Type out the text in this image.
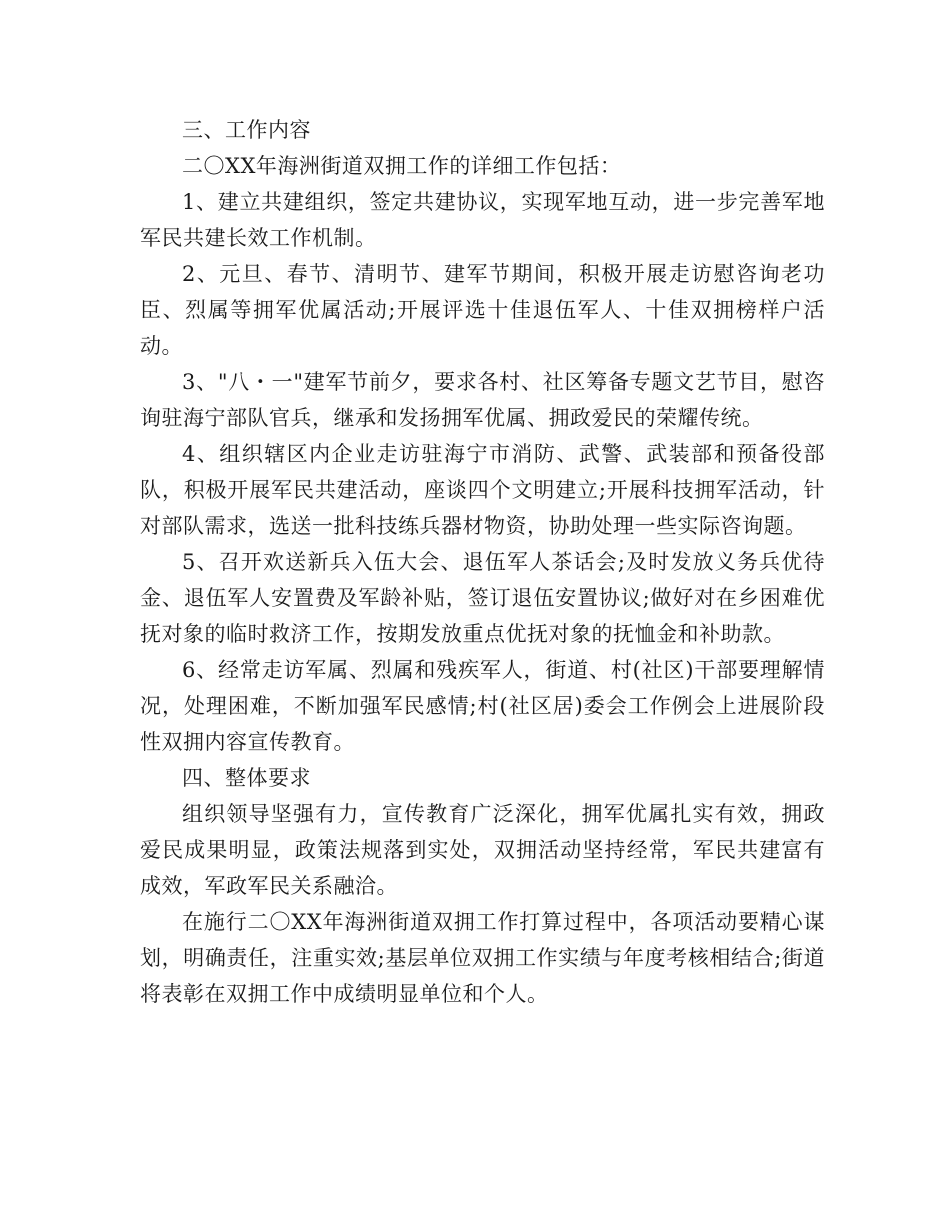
三、工作内容

二〇XX年海洲街道双拥工作的详细工作包括：

1、建立共建组织，签定共建协议，实现军地互动，进一步完善军地军民共建长效工作机制。

2、元旦、春节、清明节、建军节期间，积极开展走访慰咨询老功臣、烈属等拥军优属活动;开展评选十佳退伍军人、十佳双拥榜样户活动。

3、"八・一"建军节前夕，要求各村、社区筹备专题文艺节目，慰咨询驻海宁部队官兵，继承和发扬拥军优属、拥政爱民的荣耀传统。

4、组织辖区内企业走访驻海宁市消防、武警、武装部和预备役部队，积极开展军民共建活动，座谈四个文明建立;开展科技拥军活动，针对部队需求，选送一批科技练兵器材物资，协助处理一些实际咨询题。

5、召开欢送新兵入伍大会、退伍军人茶话会;及时发放义务兵优待金、退伍军人安置费及军龄补贴，签订退伍安置协议;做好对在乡困难优抚对象的临时救济工作，按期发放重点优抚对象的抚恤金和补助款。

6、经常走访军属、烈属和残疾军人，街道、村(社区)干部要理解情况，处理困难，不断加强军民感情;村(社区居)委会工作例会上进展阶段性双拥内容宣传教育。

四、整体要求

组织领导坚强有力，宣传教育广泛深化，拥军优属扎实有效，拥政爱民成果明显，政策法规落到实处，双拥活动坚持经常，军民共建富有成效，军政军民关系融洽。

在施行二〇XX年海洲街道双拥工作打算过程中，各项活动要精心谋划，明确责任，注重实效;基层单位双拥工作实绩与年度考核相结合;街道将表彰在双拥工作中成绩明显单位和个人。
